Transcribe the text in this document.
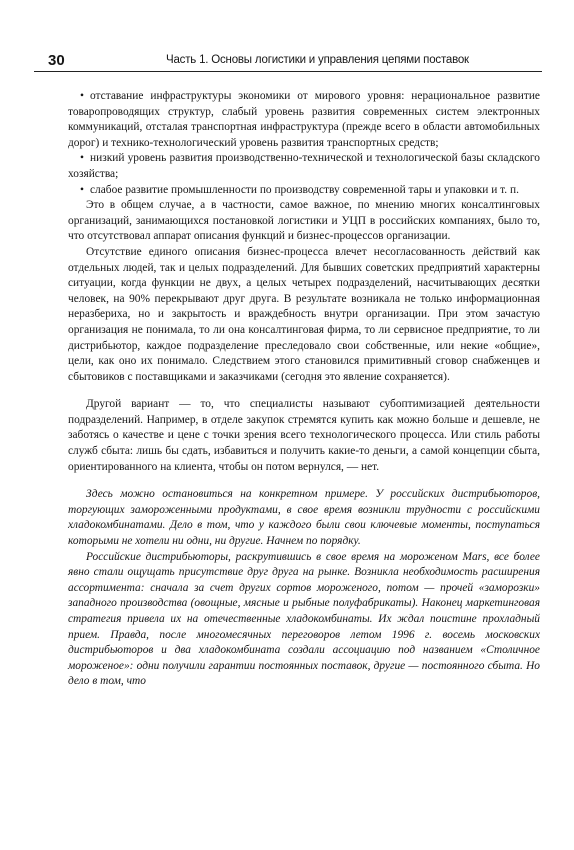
30	Часть 1. Основы логистики и управления цепями поставок

• отставание инфраструктуры экономики от мирового уровня: нерациональное развитие товаропроводящих структур, слабый уровень развития современных систем электронных коммуникаций, отсталая транспортная инфраструктура (прежде всего в области автомобильных дорог) и технико-технологический уровень развития транспортных средств;

• низкий уровень развития производственно-технической и технологической базы складского хозяйства;

• слабое развитие промышленности по производству современной тары и упаковки и т. п.

Это в общем случае, а в частности, самое важное, по мнению многих консалтинговых организаций, занимающихся постановкой логистики и УЦП в российских компаниях, было то, что отсутствовал аппарат описания функций и бизнес-процессов организации.

Отсутствие единого описания бизнес-процесса влечет несогласованность действий как отдельных людей, так и целых подразделений. Для бывших советских предприятий характерны ситуации, когда функции не двух, а целых четырех подразделений, насчитывающих десятки человек, на 90% перекрывают друг друга. В результате возникала не только информационная неразбериха, но и закрытость и враждебность внутри организации. При этом зачастую организация не понимала, то ли она консалтинговая фирма, то ли сервисное предприятие, то ли дистрибьютор, каждое подразделение преследовало свои собственные, или некие «общие», цели, как оно их понимало. Следствием этого становился примитивный сговор снабженцев и сбытовиков с поставщиками и заказчиками (сегодня это явление сохраняется).

Другой вариант — то, что специалисты называют субоптимизацией деятельности подразделений. Например, в отделе закупок стремятся купить как можно больше и дешевле, не заботясь о качестве и цене с точки зрения всего технологического процесса. Или стиль работы служб сбыта: лишь бы сдать, избавиться и получить какие-то деньги, а самой концепции сбыта, ориентированного на клиента, чтобы он потом вернулся, — нет.

Здесь можно остановиться на конкретном примере. У российских дистрибьюторов, торгующих замороженными продуктами, в свое время возникли трудности с российскими хладокомбинатами. Дело в том, что у каждого были свои ключевые моменты, поступаться которыми не хотели ни одни, ни другие. Начнем по порядку.

Российские дистрибьюторы, раскрутившись в свое время на мороженом Mars, все более явно стали ощущать присутствие друг друга на рынке. Возникла необходимость расширения ассортимента: сначала за счет других сортов мороженого, потом — прочей «заморозки» западного производства (овощные, мясные и рыбные полуфабрикаты). Наконец маркетинговая стратегия привела их на отечественные хладокомбинаты. Их ждал поистине прохладный прием. Правда, после многомесячных переговоров летом 1996 г. восемь московских дистрибьюторов и два хладокомбината создали ассоциацию под названием «Столичное мороженое»: одни получили гарантии постоянных поставок, другие — постоянного сбыта. Но дело в том, что
